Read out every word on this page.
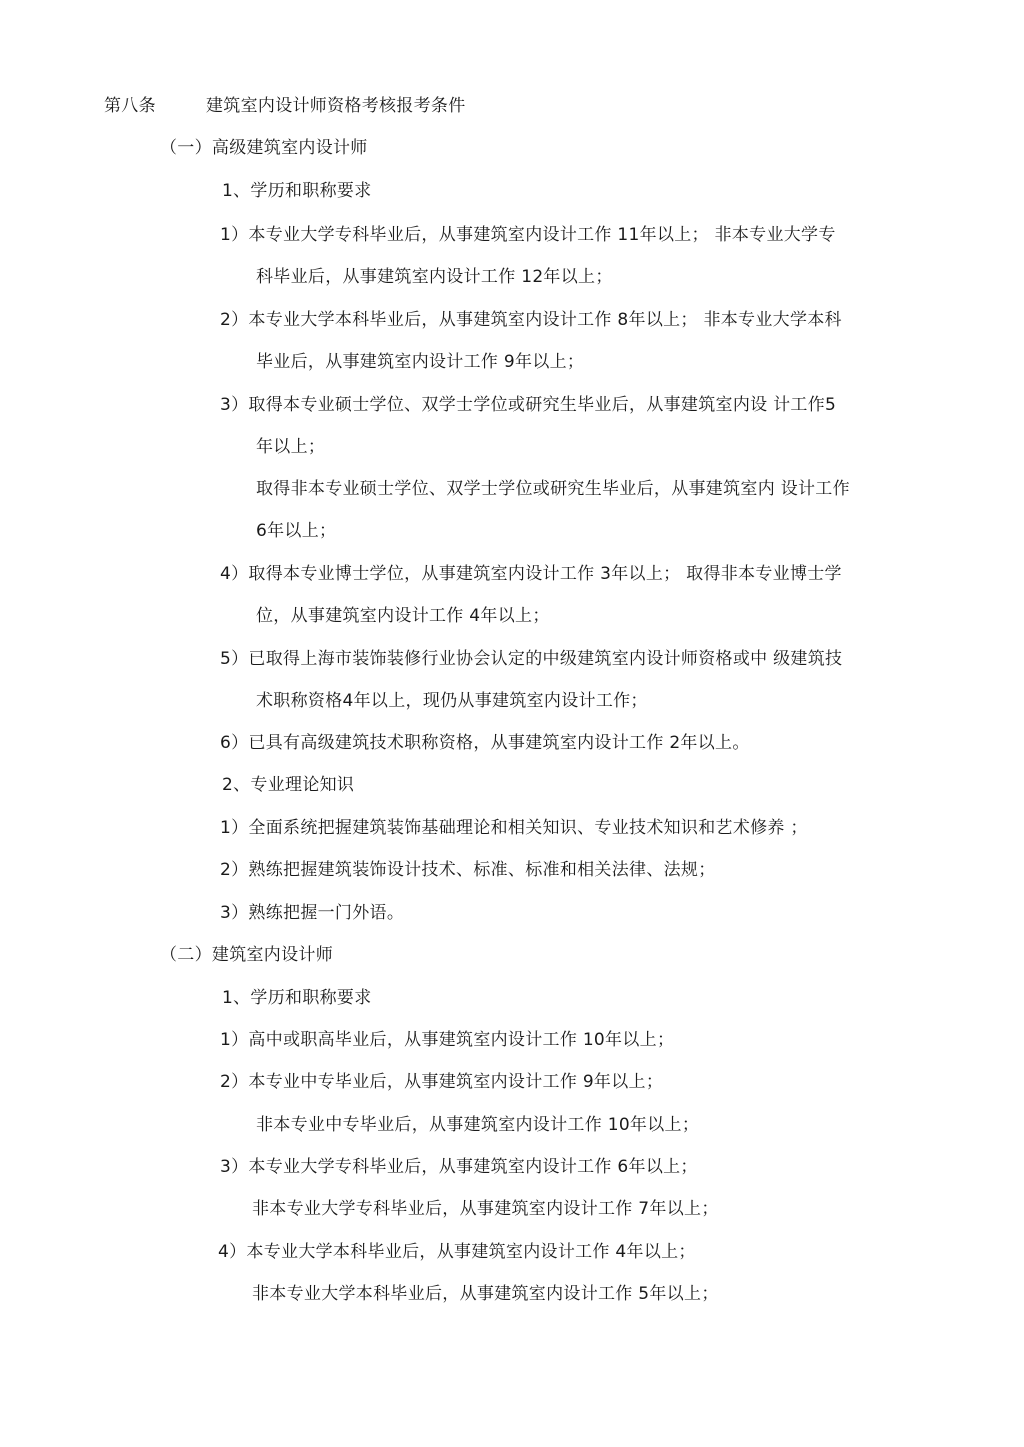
第八条	建筑室内设计师资格考核报考条件
（一）高级建筑室内设计师
1、学历和职称要求
1）本专业大学专科毕业后，从事建筑室内设计工作 11年以上； 非本专业大学专
科毕业后，从事建筑室内设计工作 12年以上；
2）本专业大学本科毕业后，从事建筑室内设计工作 8年以上； 非本专业大学本科
毕业后，从事建筑室内设计工作 9年以上；
3）取得本专业硕士学位、双学士学位或研究生毕业后，从事建筑室内设 计工作5
年以上；
取得非本专业硕士学位、双学士学位或研究生毕业后，从事建筑室内 设计工作
6年以上；
4）取得本专业博士学位，从事建筑室内设计工作 3年以上； 取得非本专业博士学
位，从事建筑室内设计工作 4年以上；
5）已取得上海市装饰装修行业协会认定的中级建筑室内设计师资格或中 级建筑技
术职称资格4年以上，现仍从事建筑室内设计工作；
6）已具有高级建筑技术职称资格，从事建筑室内设计工作 2年以上。
2、专业理论知识
1）全面系统把握建筑装饰基础理论和相关知识、专业技术知识和艺术修养 ；
2）熟练把握建筑装饰设计技术、标准、标准和相关法律、法规；
3）熟练把握一门外语。
（二）建筑室内设计师
1、学历和职称要求
1）高中或职高毕业后，从事建筑室内设计工作 10年以上；
2）本专业中专毕业后，从事建筑室内设计工作 9年以上；
非本专业中专毕业后，从事建筑室内设计工作 10年以上；
3）本专业大学专科毕业后，从事建筑室内设计工作 6年以上；
非本专业大学专科毕业后，从事建筑室内设计工作 7年以上；
4）本专业大学本科毕业后，从事建筑室内设计工作 4年以上；
非本专业大学本科毕业后，从事建筑室内设计工作 5年以上；
